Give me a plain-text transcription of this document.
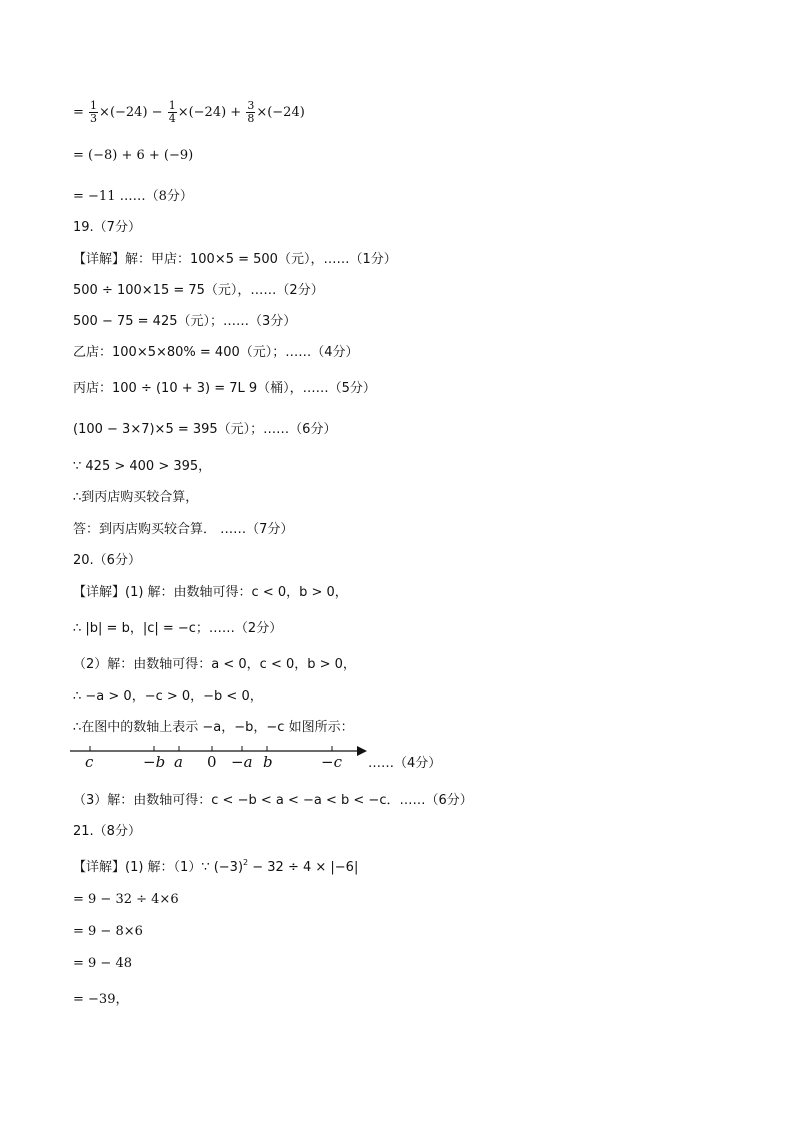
= $\frac{1}{3} \times(-24) - \frac{1}{4} \times(-24) + \frac{3}{8} \times(-24)$
= (−8) + 6 + (−9)
= −11 ……（8分）
19.（7分）
【详解】解：甲店：100×5 = 500（元），……（1分）
500 ÷ 100×15 = 75（元），……（2分）
500 − 75 = 425（元）；……（3分）
乙店：100×5×80% = 400（元）；……（4分）
丙店：100 ÷ (10 + 3) = 7L 9（桶），……（5分）
(100 − 3×7)×5 = 395（元）；……（6分）
∵ 425 > 400 > 395，
∴到丙店购买较合算，
答：到丙店购买较合算． ……（7分）
20.（6分）
【详解】(1) 解：由数轴可得：c < 0，b > 0，
∴ |b| = b，|c| = −c；……（2分）
（2）解：由数轴可得：a < 0，c < 0，b > 0，
∴ −a > 0，−c > 0，−b < 0，
∴在图中的数轴上表示 −a，−b，−c 如图所示：
c	−b a 0 −a b	−c ……（4分）
（3）解：由数轴可得：c < −b < a < −a < b < −c．……（6分）
21.（8分）
【详解】(1) 解：（1）∵ $(-3)^2 - 32 \div 4 \times |-6|$
= 9 − 32 ÷ 4×6
= 9 − 8×6
= 9 − 48
= −39，
